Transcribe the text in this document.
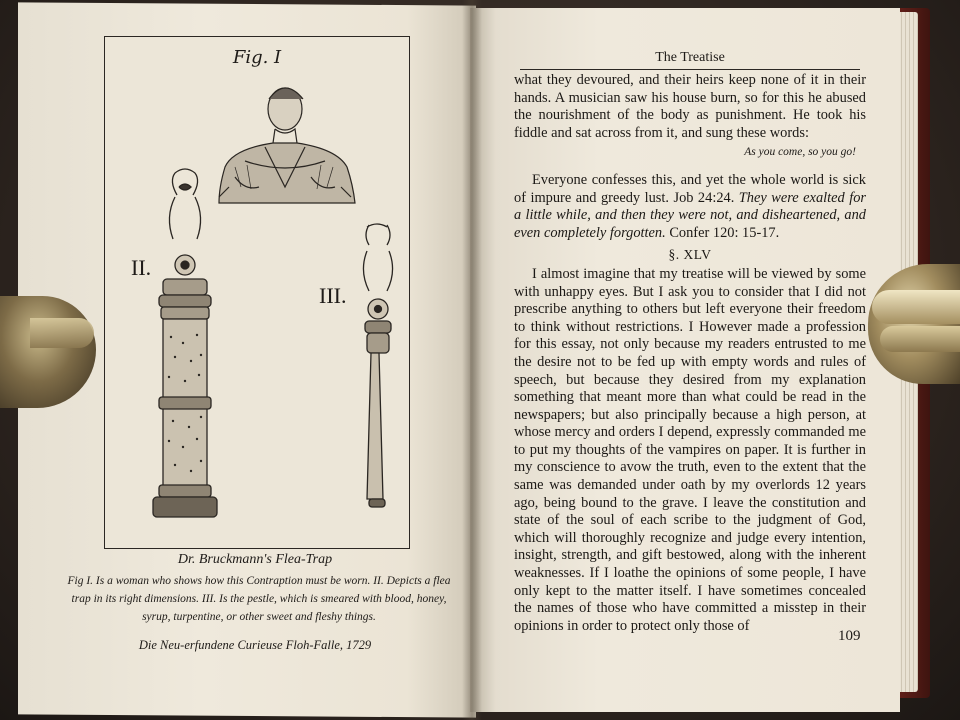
Fig. I
II.
III.
Dr. Bruckmann's Flea-Trap
Fig I. Is a woman who shows how this Contraption must be worn. II. Depicts a flea trap in its right dimensions. III. Is the pestle, which is smeared with blood, honey, syrup, turpentine, or other sweet and fleshy things.
Die Neu-erfundene Curieuse Floh-Falle, 1729
The Treatise

what they devoured, and their heirs keep none of it in their hands. A musician saw his house burn, so for this he abused the nourishment of the body as punishment. He took his fiddle and sat across from it, and sung these words:

As you come, so you go!

Everyone confesses this, and yet the whole world is sick of impure and greedy lust. Job 24:24. They were exalted for a little while, and then they were not, and disheartened, and even completely forgotten. Confer 120: 15-17.

§. XLV

I almost imagine that my treatise will be viewed by some with unhappy eyes. But I ask you to consider that I did not prescribe anything to others but left everyone their freedom to think without restrictions. I However made a profession for this essay, not only because my readers entrusted to me the desire not to be fed up with empty words and rules of speech, but because they desired from my explanation something that meant more than what could be read in the newspapers; but also principally because a high person, at whose mercy and orders I depend, expressly commanded me to put my thoughts of the vampires on paper. It is further in my conscience to avow the truth, even to the extent that the same was demanded under oath by my overlords 12 years ago, being bound to the grave. I leave the constitution and state of the soul of each scribe to the judgment of God, which will thoroughly recognize and judge every intention, insight, strength, and gift bestowed, along with the inherent weaknesses. If I loathe the opinions of some people, I have only kept to the matter itself. I have sometimes concealed the names of those who have committed a misstep in their opinions in order to protect only those of

109
